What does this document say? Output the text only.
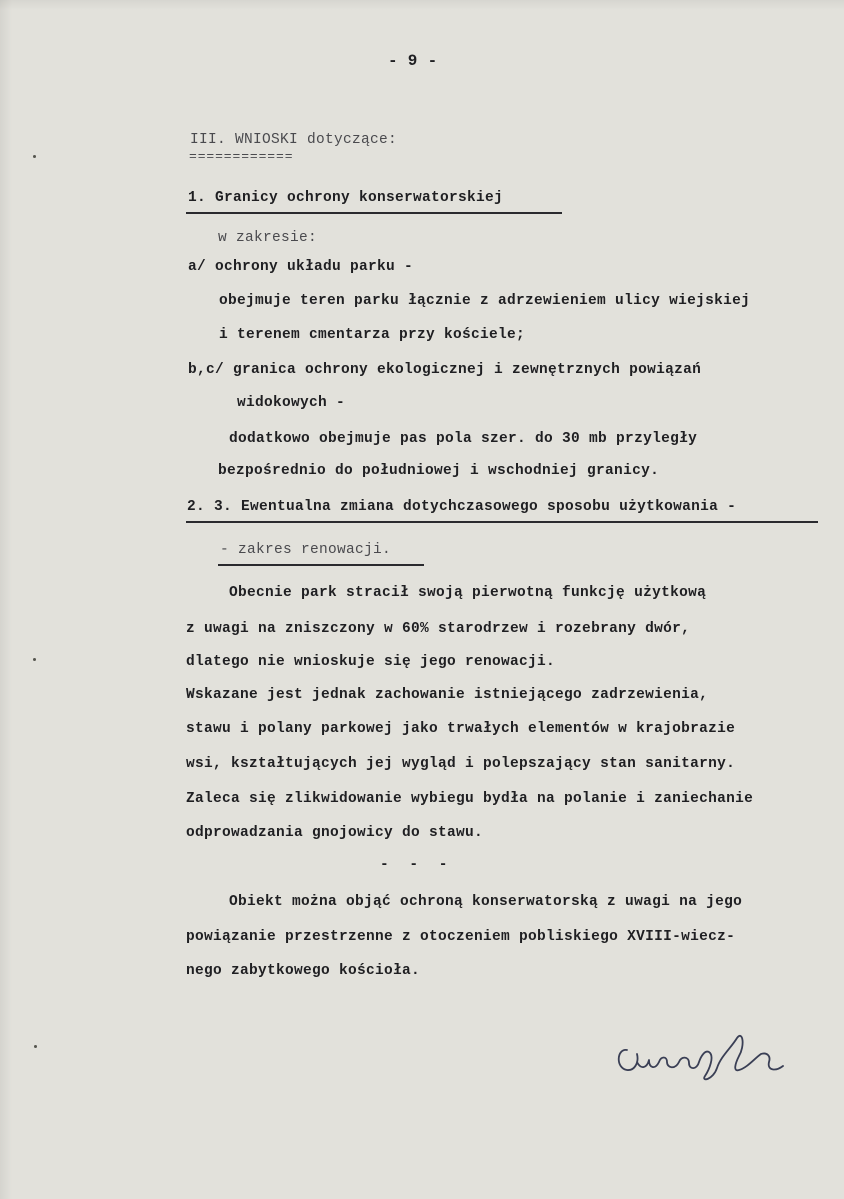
- 9 -
III. WNIOSKI dotyczące:
============
1. Granicy ochrony konserwatorskiej
w zakresie:
a/ ochrony układu parku -
obejmuje teren parku łącznie z adrzewieniem ulicy wiejskiej
i terenem cmentarza przy kościele;
b,c/ granica ochrony ekologicznej i zewnętrznych powiązań
widokowych -
dodatkowo obejmuje pas pola szer. do 30 mb przyległy
bezpośrednio do południowej i wschodniej granicy.
2. 3. Ewentualna zmiana dotychczasowego sposobu użytkowania -
- zakres renowacji.
Obecnie park stracił swoją pierwotną funkcję użytkową
z uwagi na zniszczony w 60% starodrzew i rozebrany dwór,
dlatego nie wnioskuje się jego renowacji.
Wskazane jest jednak zachowanie istniejącego zadrzewienia,
stawu i polany parkowej jako trwałych elementów w krajobrazie
wsi, kształtujących jej wygląd i polepszający stan sanitarny.
Zaleca się zlikwidowanie wybiegu bydła na polanie i zaniechanie
odprowadzania gnojowicy do stawu.
- - -
Obiekt można objąć ochroną konserwatorską z uwagi na jego
powiązanie przestrzenne z otoczeniem pobliskiego XVIII-wiecz-
nego zabytkowego kościoła.
